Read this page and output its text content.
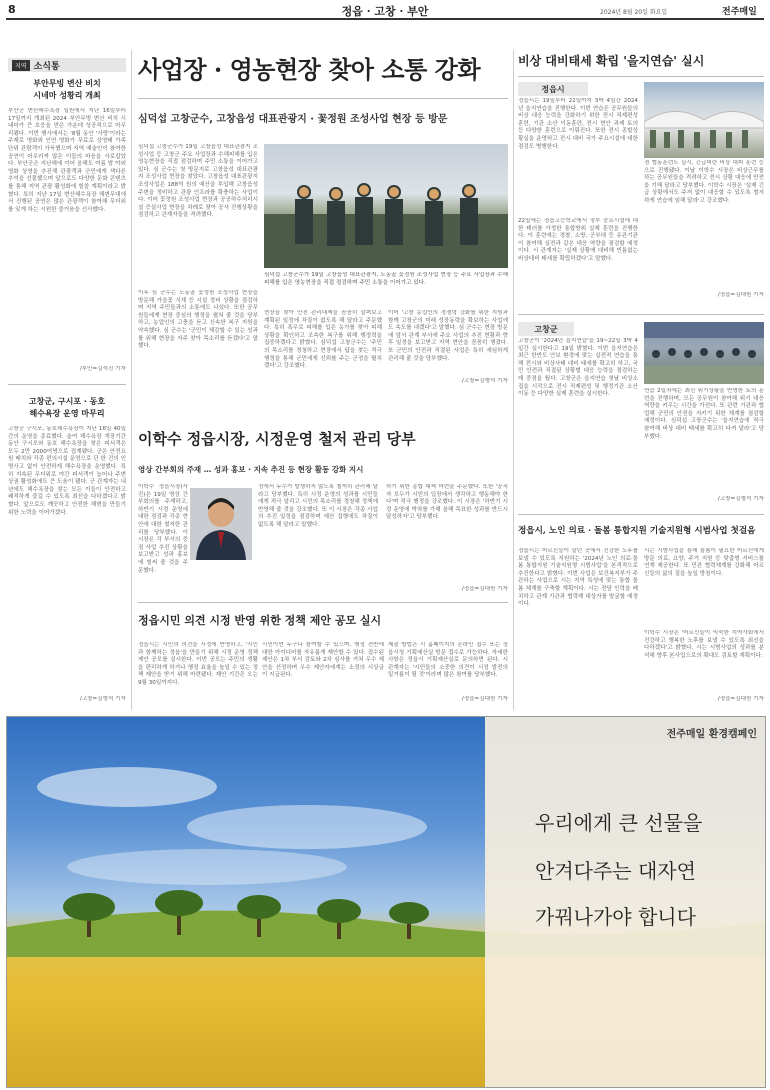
8	정읍 · 고창 · 부안	2024년 8월 20일 화요일	전주매일
지역 소식통
부안무빙 변산 비치
시네마 성황리 개최
부안군 변산해수욕장 일원에서 지난 16일부터 17일까지 개최된 2024 부안무빙 변산 비치 시네마가 큰 호응을 얻은 가운데 성공적으로 마무리됐다. 이번 행사에서는 '8월 동안 '사랑'이라는 주제로 영화와 인연 영화가 무료로 상영돼 가족 단위 관람객이 가득했으며 지역 예술인이 참여한 공연이 어우러져 많은 이들의 마음을 사로잡았다. 부안군은 지난해에 이어 올해도 여름 밤 야외 영화 상영을 추진해 관광객과 군민에게 색다른 추억을 선물했으며 앞으로도 다양한 문화 콘텐츠를 통해 지역 관광 활성화에 힘쓸 계획이라고 밝혔다. 특히 지난 17일 변산해수욕장 해변무대에서 진행된 공연은 많은 관광객이 참여해 무더위를 잊게 하는 시원한 즐거움을 선사했다.
/부안=김석진 기자
고창군, 구시포 · 동호
해수욕장 운영 마무리
고창군 구시포, 동호해수욕장이 지난 16일 40일간의 운영을 종료했다. 올여 해수욕장 개장기간 동안 구시포와 동호 해수욕장을 찾은 피서객은 모두 2만 2000여명으로 집계됐다. 군은 안전요원 배치와 각종 편의시설 운영으로 단 한 건의 인명사고 없이 안전하게 해수욕장을 운영했다. 특히 지속된 무더위로 야간 피서객이 늘어나 주변 상권 활성화에도 큰 도움이 됐다. 군 관계자는 내년에도 해수욕장을 찾는 모든 이들이 안전하고 쾌적하게 즐길 수 있도록 최선을 다하겠다고 밝혔다. 앞으로도 깨끗하고 안전한 해변을 만들기 위한 노력을 이어가겠다.
/고창=김형석 기자
사업장 · 영농현장 찾아 소통 강화
심덕섭 고창군수, 고창읍성 대표관광지 · 꽃정원 조성사업 현장 등 방문
심덕섭 고창군수가 19일 고창읍성 대표관광지 조성사업 등 고창군 주요 사업장과 수해피해를 입은 영농현장을 직접 점검하며 주민 소통을 이어가고 있다. 심 군수는 첫 방문지로 고창읍성 대표관광지 조성사업 현장을 찾았다. 고창읍성 대표관광지 조성사업은 188억 원의 예산을 투입해 고창읍성 주변을 정비하고 관광 인프라를 확충하는 사업이다. 이어 꽃정원 조성사업 현장과 공공하수처리시설 증설사업 현장을 차례로 찾아 공사 진행상황을 점검하고 관계자들을 격려했다.
심덕섭 고창군수가 19일 고창읍성 대표관광지, 노동골 꽃정원 조성사업 현장 등 주요 사업장과 수해피해를 입은 영농현장을 직접 점검하며 주민 소통을 이어가고 있다.
이후 심 군수는 노동골 꽃정원 조성사업 현장을 방문해 가을꽃 식재 등 시설 정비 상황을 점검하며 지역 주민들과의 소통에도 나섰다. 또한 공무원들에게 현장 중심의 행정을 펼쳐 줄 것을 당부하고, 농업인의 고충을 듣고 신속한 복구 지원을 약속했다. 심 군수는 '군민이 체감할 수 있는 성과를 위해 현장을 자주 찾아 목소리를 듣겠다'고 말했다.
현장을 찾아 안전 관리대책을 꼼꼼히 살펴보고 계획된 일정에 차질이 없도록 해 달라고 주문했다. 특히 폭우로 피해를 입은 농가를 찾아 피해 상황을 확인하고 조속한 복구를 위해 행정력을 집중하겠다고 밝혔다. 심덕섭 고창군수는 '주민의 목소리를 경청하고 현장에서 답을 찾는 적극 행정을 통해 군민에게 신뢰를 주는 군정을 펼치겠다'고 강조했다.
이어 '고창 농업인의 경쟁력 강화를 위한 지원과 함께 고창군의 미래 성장동력을 확보하는 사업에도 속도를 내겠다'고 말했다. 심 군수는 현장 방문에 앞서 관계 부서에 주요 사업의 추진 현황과 향후 일정을 보고받고 지역 현안을 꼼꼼히 챙겼다. 또 군민의 안전과 직결된 사업은 특히 세심하게 관리해 줄 것을 당부했다.
/고창=김형석 기자
이학수 정읍시장, 시정운영 철저 관리 당부
영상 간부회의 주재 … 성과 홍보 · 지속 추진 등 현장 활동 강화 지시
이학수 정읍시장(사진)은 19일 영상 간부회의를 주재하고, 하반기 시정 운영에 대한 점검과 각종 현안에 대한 철저한 관리를 당부했다. 이 시장은 각 부서의 중점 사업 추진 상황을 보고받고 성과 홍보에 힘써 줄 것을 주문했다.
정에서 누수가 발생하지 않도록 철저히 관리해 달라고 당부했다. 특히 시정 운영의 성과를 시민들에게 적극 알리고 시민의 목소리를 경청해 정책에 반영해 줄 것을 강조했다. 또 이 시장은 각종 사업의 추진 일정을 점검하며 예산 집행에도 차질이 없도록 해 달라고 말했다.
하기 위한 종합 대책 마련을 주문했다. 또한 '공직자 모두가 시민의 입장에서 생각하고 행동해야 한다'며 적극 행정을 강조했다. 이 시장은 '하반기 시정 운영에 박차를 가해 올해 목표한 성과를 반드시 달성하자'고 당부했다.
/정읍=김대원 기자
정읍시민 의견 시정 반영 위한 정책 제안 공모 실시
정읍시는 시민의 의견을 시정에 반영하고, '시민과 함께하는 정읍'을 만들기 위해 시정 운영 정책 제안 공모를 실시한다. 이번 공모는 주민의 생활을 편리하게 하거나 행정 효율을 높일 수 있는 정책 제안을 받기 위해 마련됐다. 제안 기간은 오는 9월 30일까지다.
시민이면 누구나 참여할 수 있으며, 행정 전반에 대한 아이디어를 자유롭게 제안할 수 있다. 접수된 제안은 1차 부서 검토와 2차 심사를 거쳐 우수 제안을 선정하며 우수 제안자에게는 소정의 시상금이 지급된다.
제출 방법은 시 홈페이지의 온라인 접수 또는 정읍시청 기획예산실 방문 접수로 가능하다. 자세한 사항은 정읍시 기획예산실로 문의하면 된다. 시 관계자는 '시민들의 소중한 의견이 시정 발전의 밑거름이 될 것'이라며 많은 참여를 당부했다.
/정읍=김대원 기자
비상 대비태세 확립 '을지연습' 실시
정읍시
정읍시는 19일부터 22일까지 3박 4일간 2024년 을지연습을 진행한다. 이번 연습은 공무원들의 비상 대응 능력을 강화하기 위한 전시 직제편성 훈련, 기관 소산 이동훈련, 전시 현안 과제 토의 등 다양한 훈련으로 이뤄진다. 또한 전시 종합상황실을 운영하고 전시 대비 국가 주요시설에 대한 점검도 병행한다.
22일에는 정읍고등학교에서 정부 중요시설에 대한 테러를 가정한 통합방위 실제 훈련을 진행한다. 이 훈련에는 경찰, 소방, 군부대 등 유관기관이 참여해 실전과 같은 대응 역량을 점검할 예정이다. 시 관계자는 '실제 상황에 대비해 빈틈없는 비상대비 태세를 확립하겠다'고 말했다.
경 협동훈련도 실시, 긴급피란 비상 대피 훈련 등으로 진행됐다. 이날 이학수 시장은 비상근무를 하는 공무원들을 격려하고 전시 상황 대응에 만전을 기해 달라고 당부했다. 이학수 시장은 '실제 긴급 상황에서도 주저 없이 대응할 수 있도록 철저하게 연습에 임해 달라'고 강조했다.
/정읍=김대원 기자
고창군
고창군이 '2024년 을지연습'을 19~22일 3박 4일간 실시한다고 19일 밝혔다. 이번 을지연습은 최근 한반도 안보 환경에 맞는 실전적 연습을 통해 전시와 비상사태 대비 태세를 확고히 하고, 국민 안전과 직결된 상황별 대응 능력을 점검하는 데 중점을 뒀다. 고창군은 을지연습 첫날 비상소집을 시작으로 전시 직제편성 및 행정기관 소산 이동 등 다양한 실제 훈련을 실시한다.
연습 2일차에는 최신 위기상황을 반영한 토의 훈련을 진행하며, 모든 공무원이 참여해 위기 대응 역량을 키우는 시간을 가진다. 또 관련 기관과 협업해 군민의 안전을 지키기 위한 체계를 점검할 예정이다. 심덕섭 고창군수는 '을지연습에 적극 참여해 비상 대비 태세를 확고히 다져 달라'고 당부했다.
/고창=김형석 기자
정읍시, 노인 의료 · 돌봄 통합지원 기술지원형 시범사업 첫걸음
정읍시는 어르신들이 살던 곳에서 건강한 노후를 보낼 수 있도록 지원하는 '2024년 노인 의료·돌봄 통합지원 기술지원형 시범사업'을 본격적으로 추진한다고 밝혔다. 이번 사업은 보건복지부가 주관하는 사업으로 시는 지역 특성에 맞는 통합 돌봄 체계를 구축할 계획이다. 시는 전담 인력을 배치하고 관계 기관과 협력해 대상자를 발굴할 예정이다.
시는 시범사업을 통해 돌봄이 필요한 어르신에게 방문 의료, 요양, 주거 지원 등 맞춤형 서비스를 연계 제공한다. 또 민관 협력체계를 강화해 어르신들의 삶의 질을 높일 방침이다.
이학수 시장은 '어르신들이 익숙한 지역사회에서 건강하고 행복한 노후를 보낼 수 있도록 최선을 다하겠다'고 밝혔다. 시는 시범사업의 성과를 분석해 향후 본사업으로의 확대도 검토할 계획이다.
/정읍=김대원 기자
전주매일 환경캠페인
우리에게 큰 선물을
안겨다주는 대자연
가꿔나가야 합니다
